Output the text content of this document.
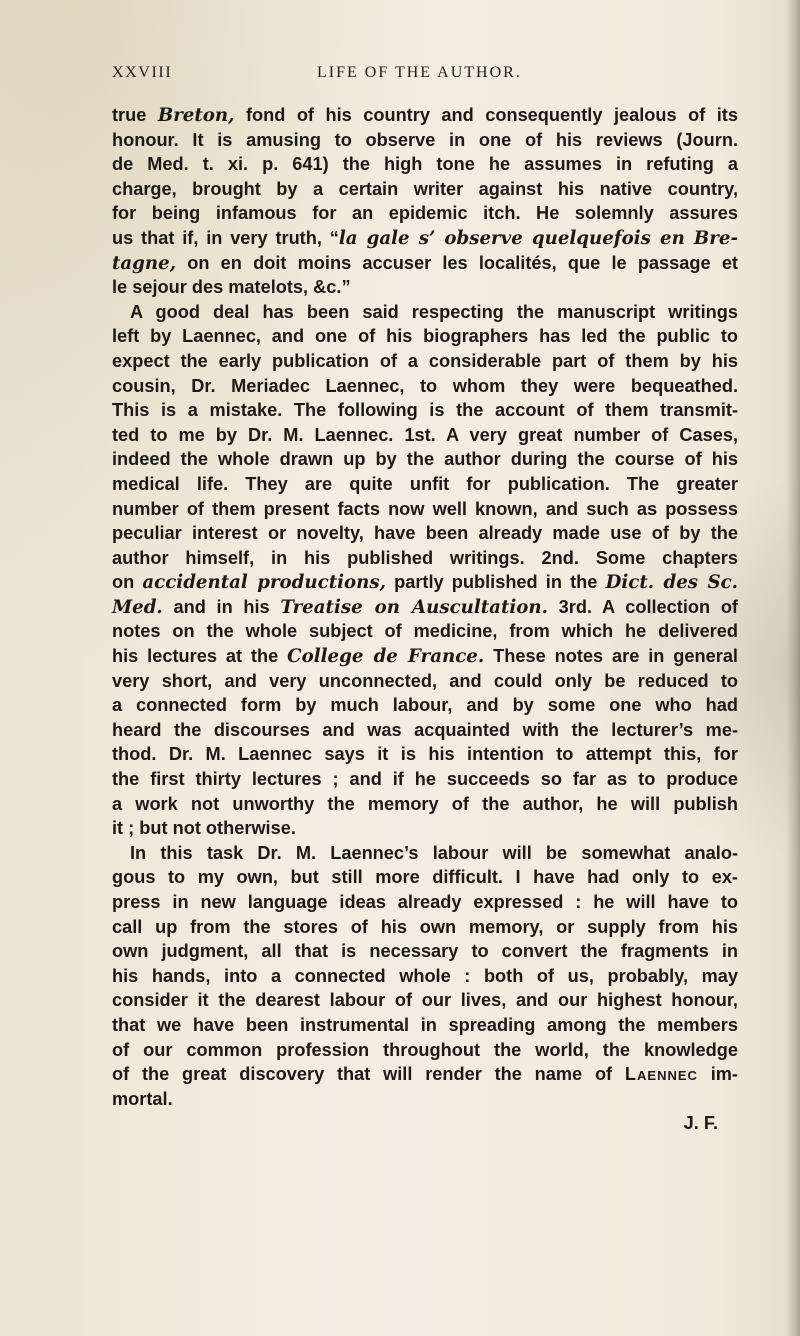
XXVIII	LIFE OF THE AUTHOR.
true Breton, fond of his country and consequently jealous of its
honour. It is amusing to observe in one of his reviews (Journ.
de Med. t. xi. p. 641) the high tone he assumes in refuting a
charge, brought by a certain writer against his native country,
for being infamous for an epidemic itch. He solemnly assures
us that if, in very truth, “la gale s’ observe quelquefois en Bre-
tagne, on en doit moins accuser les localités, que le passage et
le sejour des matelots, &c.”
A good deal has been said respecting the manuscript writings
left by Laennec, and one of his biographers has led the public to
expect the early publication of a considerable part of them by his
cousin, Dr. Meriadec Laennec, to whom they were bequeathed.
This is a mistake. The following is the account of them transmit-
ted to me by Dr. M. Laennec. 1st. A very great number of Cases,
indeed the whole drawn up by the author during the course of his
medical life. They are quite unfit for publication. The greater
number of them present facts now well known, and such as possess
peculiar interest or novelty, have been already made use of by the
author himself, in his published writings. 2nd. Some chapters
on accidental productions, partly published in the Dict. des Sc.
Med. and in his Treatise on Auscultation. 3rd. A collection of
notes on the whole subject of medicine, from which he delivered
his lectures at the College de France. These notes are in general
very short, and very unconnected, and could only be reduced to
a connected form by much labour, and by some one who had
heard the discourses and was acquainted with the lecturer’s me-
thod. Dr. M. Laennec says it is his intention to attempt this, for
the first thirty lectures ; and if he succeeds so far as to produce
a work not unworthy the memory of the author, he will publish
it ; but not otherwise.
In this task Dr. M. Laennec’s labour will be somewhat analo-
gous to my own, but still more difficult. I have had only to ex-
press in new language ideas already expressed : he will have to
call up from the stores of his own memory, or supply from his
own judgment, all that is necessary to convert the fragments in
his hands, into a connected whole : both of us, probably, may
consider it the dearest labour of our lives, and our highest honour,
that we have been instrumental in spreading among the members
of our common profession throughout the world, the knowledge
of the great discovery that will render the name of Laennec im-
mortal.
J. F.
